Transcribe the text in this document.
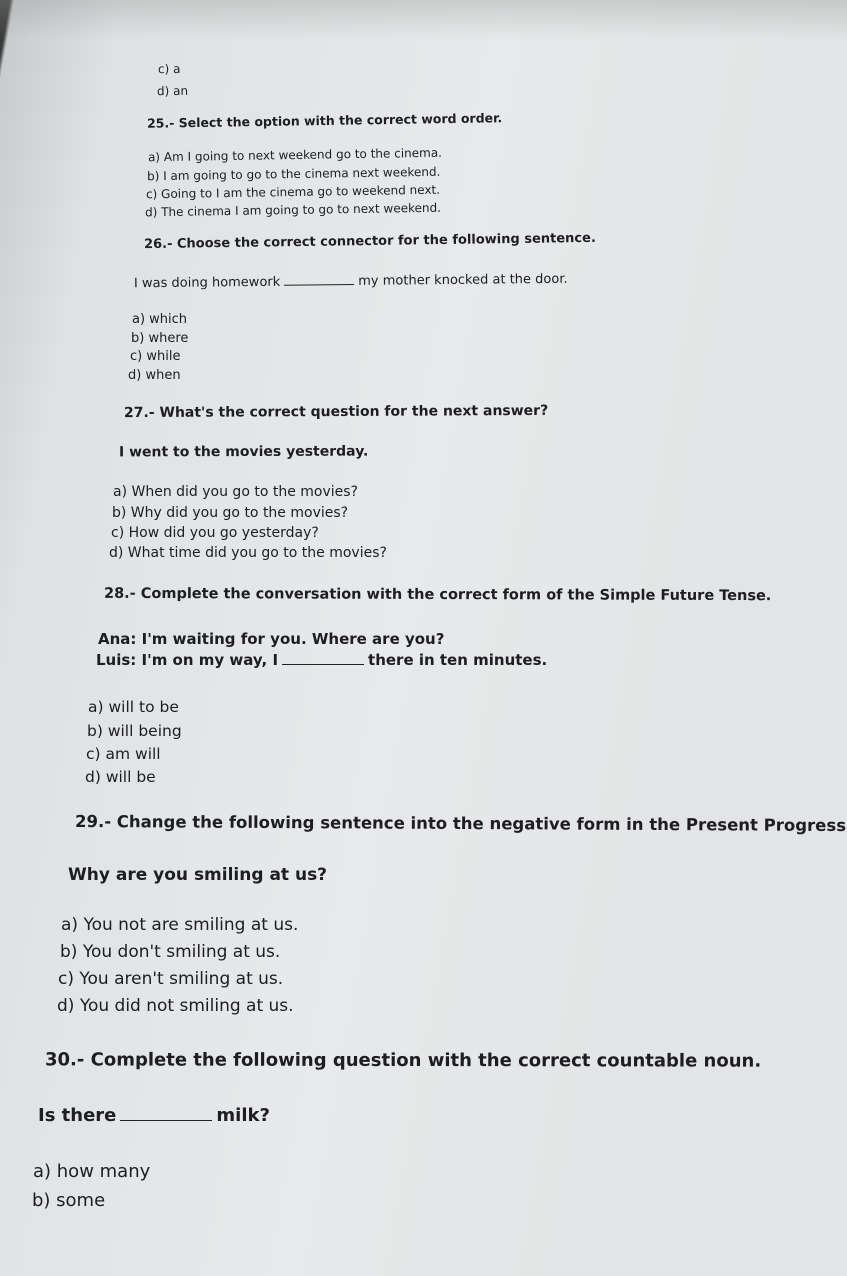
c) a
d) an
25.- Select the option with the correct word order.
a) Am I going to next weekend go to the cinema.
b) I am going to go to the cinema next weekend.
c) Going to I am the cinema go to weekend next.
d) The cinema I am going to go to next weekend.
26.- Choose the correct connector for the following sentence.
I was doing homework	my mother knocked at the door.
a) which
b) where
c) while
d) when
27.- What's the correct question for the next answer?
I went to the movies yesterday.
a) When did you go to the movies?
b) Why did you go to the movies?
c) How did you go yesterday?
d) What time did you go to the movies?
28.- Complete the conversation with the correct form of the Simple Future Tense.
Ana: I'm waiting for you. Where are you?
Luis: I'm on my way, I	there in ten minutes.
a) will to be
b) will being
c) am will
d) will be
29.- Change the following sentence into the negative form in the Present Progress
Why are you smiling at us?
a) You not are smiling at us.
b) You don't smiling at us.
c) You aren't smiling at us.
d) You did not smiling at us.
30.- Complete the following question with the correct countable noun.
Is there	milk?
a) how many
b) some
